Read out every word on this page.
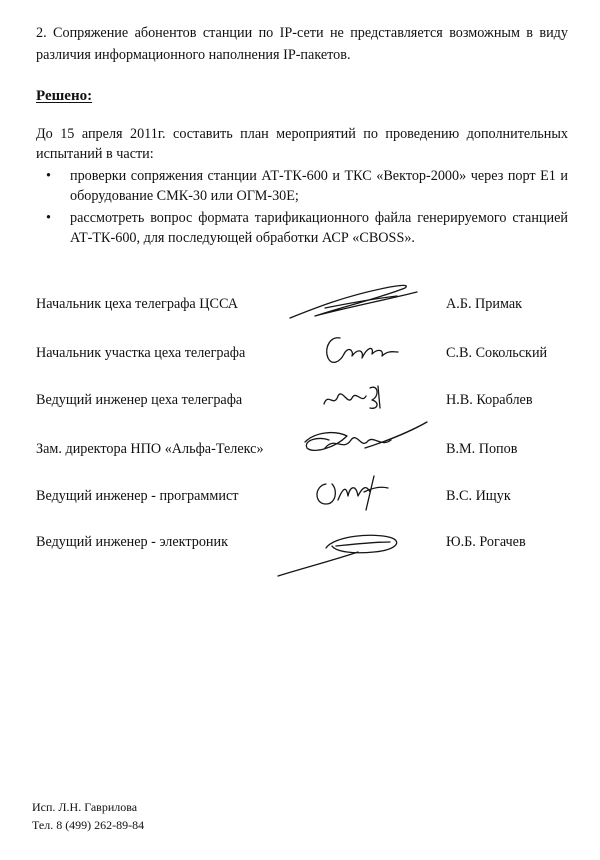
2. Сопряжение абонентов станции по IP-сети не представляется возможным в виду различия информационного наполнения IP-пакетов.

Решено:

До 15 апреля 2011г. составить план мероприятий по проведению дополнительных испытаний в части:

• проверки сопряжения станции АТ-ТК-600 и ТКС «Вектор-2000» через порт Е1 и оборудование СМК-30 или ОГМ-30Е;
• рассмотреть вопрос формата тарификационного файла генерируемого станцией АТ-ТК-600, для последующей обработки АСР «CBOSS».
Начальник цеха телеграфа ЦССА	А.Б. Примак
Начальник участка цеха телеграфа	С.В. Сокольский
Ведущий инженер цеха телеграфа	Н.В. Кораблев
Зам. директора НПО «Альфа-Телекс»	В.М. Попов
Ведущий инженер - программист	В.С. Ищук
Ведущий инженер - электроник	Ю.Б. Рогачев
Исп. Л.Н. Гаврилова
Тел. 8 (499) 262-89-84
